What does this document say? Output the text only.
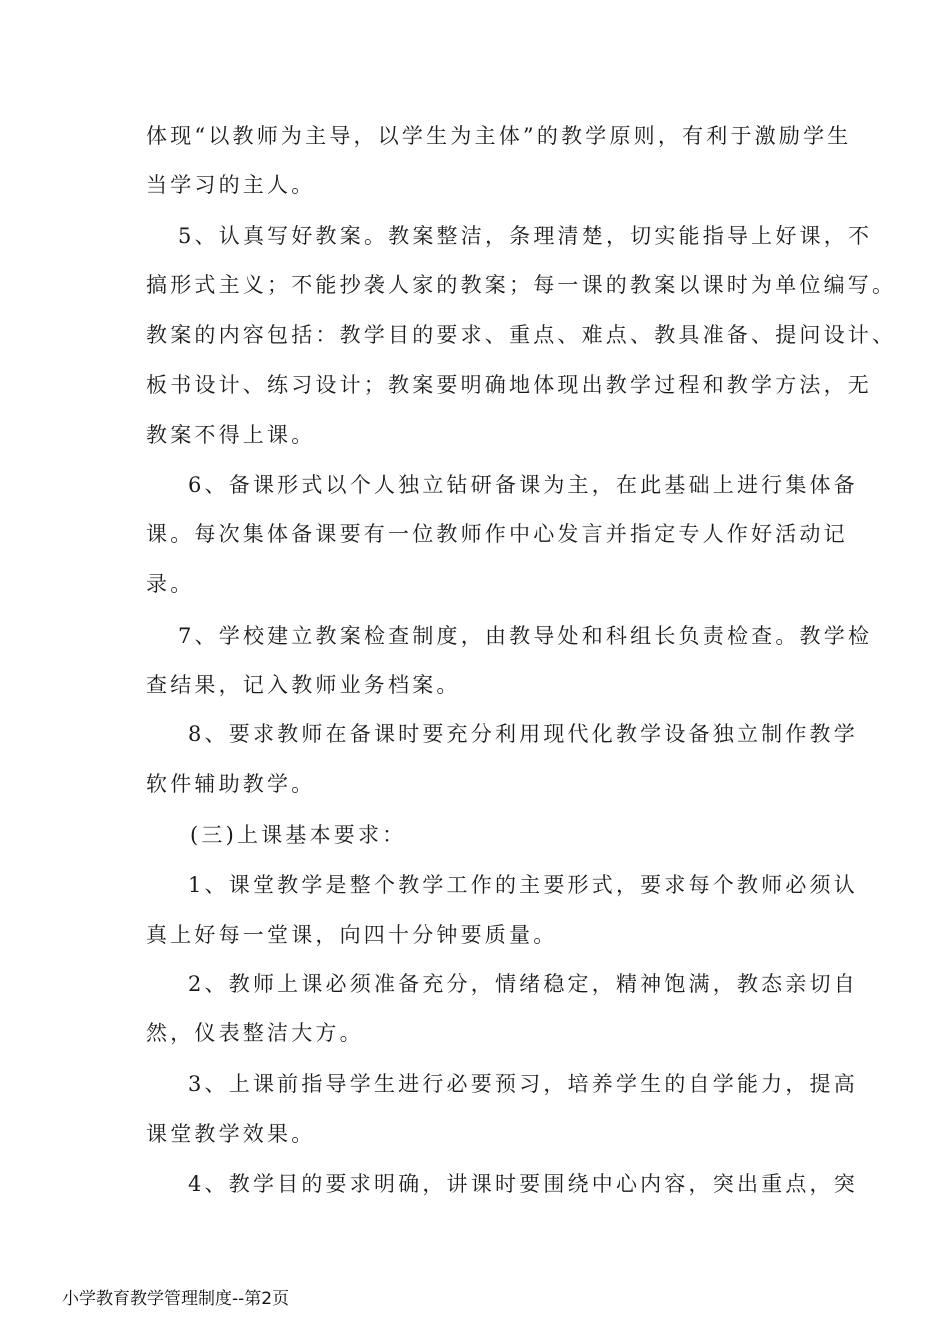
体现“以教师为主导，以学生为主体”的教学原则，有利于激励学生
当学习的主人。
5、认真写好教案。教案整洁，条理清楚，切实能指导上好课，不
搞形式主义；不能抄袭人家的教案；每一课的教案以课时为单位编写。
教案的内容包括：教学目的要求、重点、难点、教具准备、提问设计、
板书设计、练习设计；教案要明确地体现出教学过程和教学方法，无
教案不得上课。
6、备课形式以个人独立钻研备课为主，在此基础上进行集体备
课。每次集体备课要有一位教师作中心发言并指定专人作好活动记
录。
7、学校建立教案检查制度，由教导处和科组长负责检查。教学检
查结果，记入教师业务档案。
8、要求教师在备课时要充分利用现代化教学设备独立制作教学
软件辅助教学。
(三)上课基本要求：
1、课堂教学是整个教学工作的主要形式，要求每个教师必须认
真上好每一堂课，向四十分钟要质量。
2、教师上课必须准备充分，情绪稳定，精神饱满，教态亲切自
然，仪表整洁大方。
3、上课前指导学生进行必要预习，培养学生的自学能力，提高
课堂教学效果。
4、教学目的要求明确，讲课时要围绕中心内容，突出重点，突
小学教育教学管理制度--第2页
